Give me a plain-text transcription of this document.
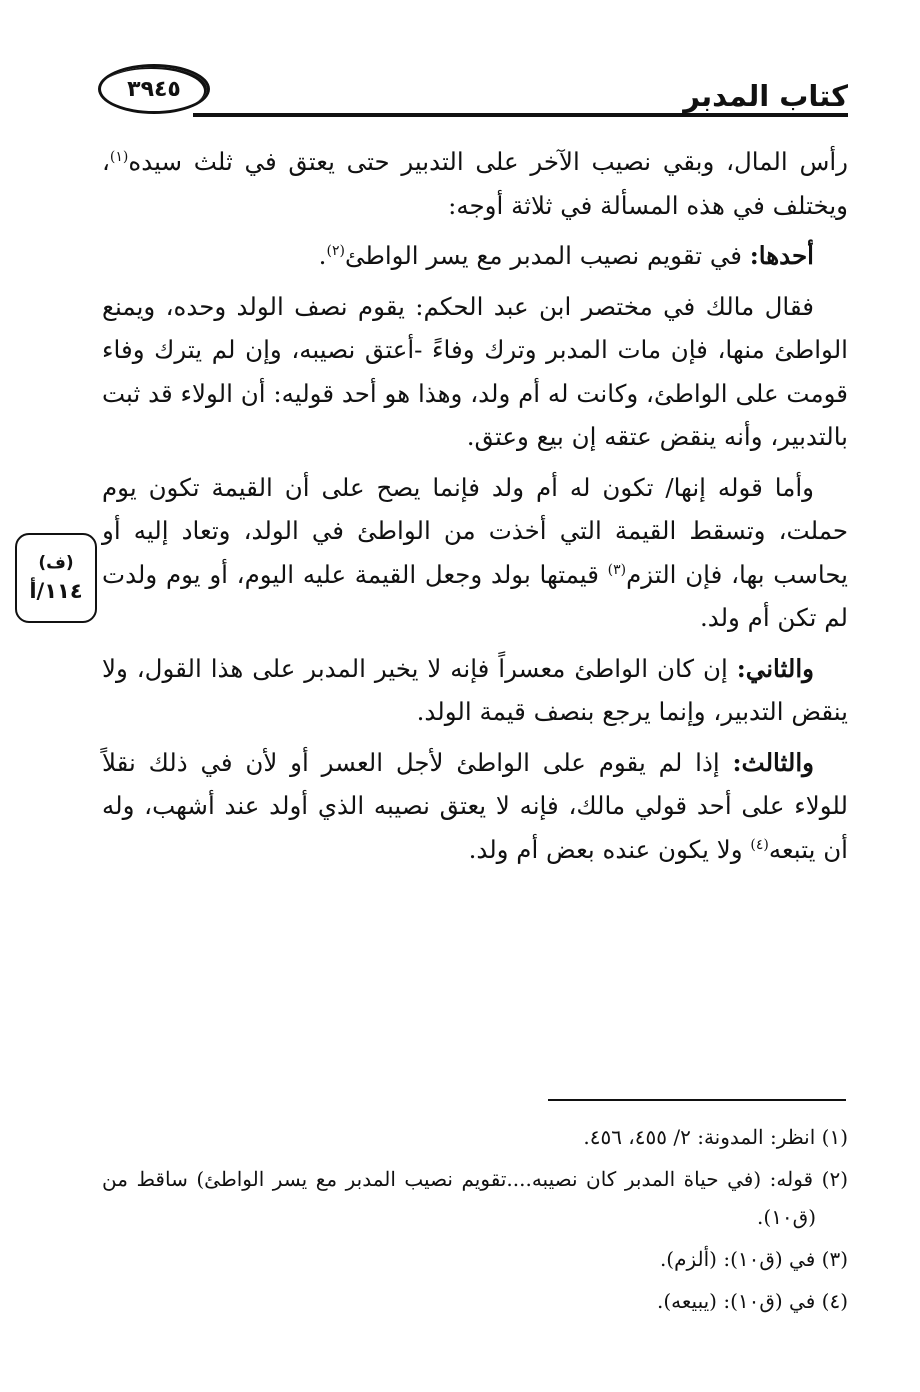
٣٩٤٥	كتاب المدبر
(ف)
١١٤/أ

رأس المال، وبقي نصيب الآخر على التدبير حتى يعتق في ثلث سيده$^{(١)}$، ويختلف في هذه المسألة في ثلاثة أوجه:

أحدها: في تقويم نصيب المدبر مع يسر الواطئ$^{(٢)}$.

فقال مالك في مختصر ابن عبد الحكم: يقوم نصف الولد وحده، ويمنع الواطئ منها، فإن مات المدبر وترك وفاءً -أعتق نصيبه، وإن لم يترك وفاء قومت على الواطئ، وكانت له أم ولد، وهذا هو أحد قوليه: أن الولاء قد ثبت بالتدبير، وأنه ينقض عتقه إن بيع وعتق.

وأما قوله إنها/ تكون له أم ولد فإنما يصح على أن القيمة تكون يوم حملت، وتسقط القيمة التي أخذت من الواطئ في الولد، وتعاد إليه أو يحاسب بها، فإن التزم$^{(٣)}$ قيمتها بولد وجعل القيمة عليه اليوم، أو يوم ولدت لم تكن أم ولد.

والثاني: إن كان الواطئ معسراً فإنه لا يخير المدبر على هذا القول، ولا ينقض التدبير، وإنما يرجع بنصف قيمة الولد.

والثالث: إذا لم يقوم على الواطئ لأجل العسر أو لأن في ذلك نقلاً للولاء على أحد قولي مالك، فإنه لا يعتق نصيبه الذي أولد عند أشهب، وله أن يتبعه$^{(٤)}$ ولا يكون عنده بعض أم ولد.

(١) انظر: المدونة: ٢/ ٤٥٥، ٤٥٦.
(٢) قوله: (في حياة المدبر كان نصيبه....تقويم نصيب المدبر مع يسر الواطئ) ساقط من (ق١٠).
(٣) في (ق١٠): (ألزم).
(٤) في (ق١٠): (يبيعه).
